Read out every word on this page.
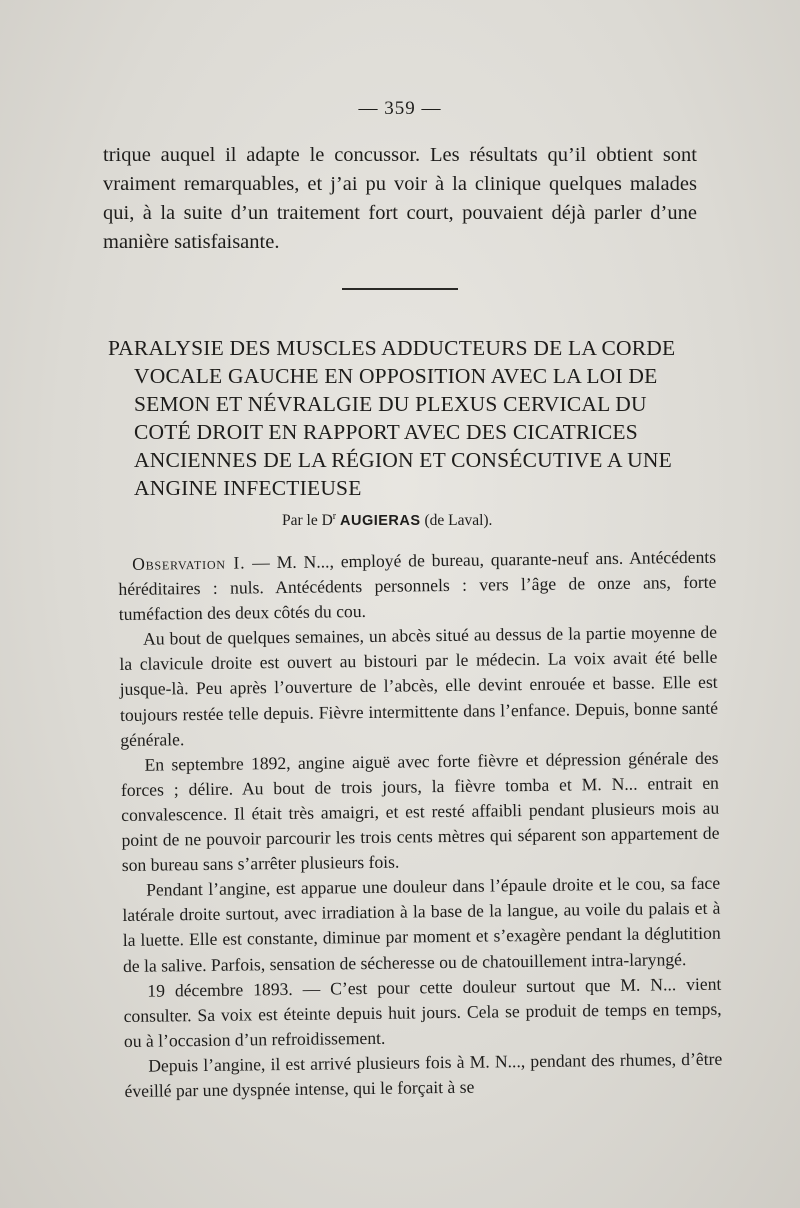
— 359 —

trique auquel il adapte le concussor. Les résultats qu’il obtient sont vraiment remarquables, et j’ai pu voir à la clinique quelques malades qui, à la suite d’un traitement fort court, pouvaient déjà parler d’une manière satisfaisante.

PARALYSIE DES MUSCLES ADDUCTEURS DE LA CORDE
VOCALE GAUCHE EN OPPOSITION AVEC LA LOI DE
SEMON ET NÉVRALGIE DU PLEXUS CERVICAL DU
COTÉ DROIT EN RAPPORT AVEC DES CICATRICES
ANCIENNES DE LA RÉGION ET CONSÉCUTIVE A UNE
ANGINE INFECTIEUSE
Par le $D^r$ AUGIERAS (de Laval).

Observation I. — M. N..., employé de bureau, quarante-neuf ans. Antécédents héréditaires : nuls. Antécédents personnels : vers l’âge de onze ans, forte tuméfaction des deux côtés du cou.

Au bout de quelques semaines, un abcès situé au dessus de la partie moyenne de la clavicule droite est ouvert au bistouri par le médecin. La voix avait été belle jusque-là. Peu après l’ouverture de l’abcès, elle devint enrouée et basse. Elle est toujours restée telle depuis. Fièvre intermittente dans l’enfance. Depuis, bonne santé générale.

En septembre 1892, angine aiguë avec forte fièvre et dépression générale des forces ; délire. Au bout de trois jours, la fièvre tomba et M. N... entrait en convalescence. Il était très amaigri, et est resté affaibli pendant plusieurs mois au point de ne pouvoir parcourir les trois cents mètres qui séparent son appartement de son bureau sans s’arrêter plusieurs fois.

Pendant l’angine, est apparue une douleur dans l’épaule droite et le cou, sa face latérale droite surtout, avec irradiation à la base de la langue, au voile du palais et à la luette. Elle est constante, diminue par moment et s’exagère pendant la déglutition de la salive. Parfois, sensation de sécheresse ou de chatouillement intra-laryngé.

19 décembre 1893. — C’est pour cette douleur surtout que M. N... vient consulter. Sa voix est éteinte depuis huit jours. Cela se produit de temps en temps, ou à l’occasion d’un refroidissement.

Depuis l’angine, il est arrivé plusieurs fois à M. N..., pendant des rhumes, d’être éveillé par une dyspnée intense, qui le forçait à se
